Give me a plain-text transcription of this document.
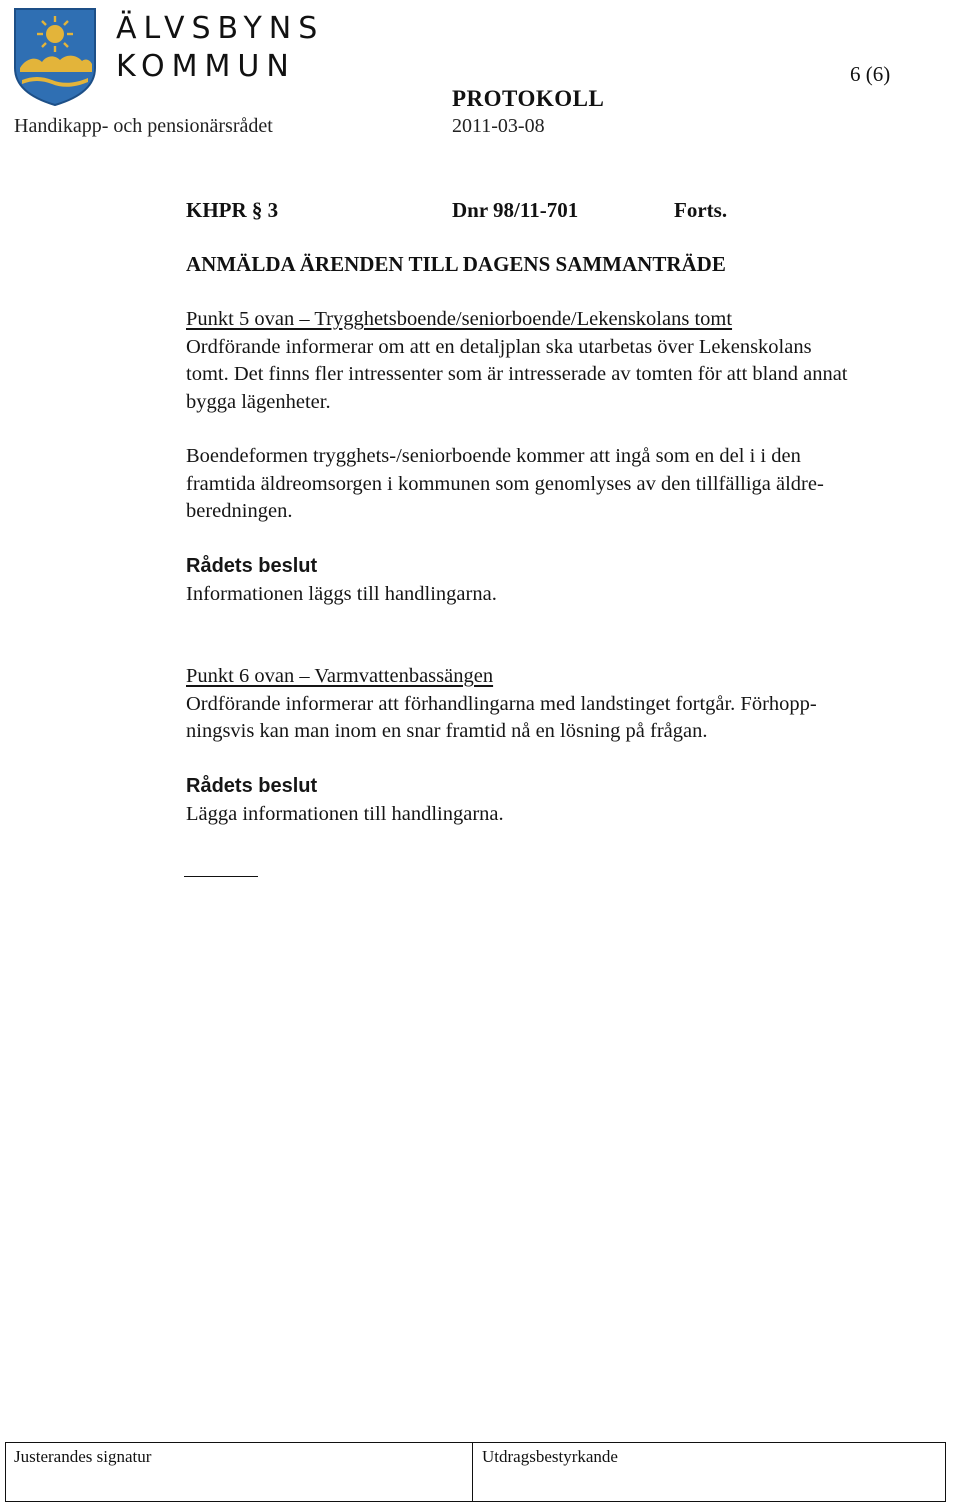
ÄLVSBYNS
KOMMUN	6 (6)
PROTOKOLL
Handikapp- och pensionärsrådet	2011-03-08
KHPR § 3	Dnr 98/11-701	Forts.
ANMÄLDA ÄRENDEN TILL DAGENS SAMMANTRÄDE
Punkt 5 ovan – Trygghetsboende/seniorboende/Lekenskolans tomt
Ordförande informerar om att en detaljplan ska utarbetas över Lekenskolans
tomt. Det finns fler intressenter som är intresserade av tomten för att bland annat
bygga lägenheter.
Boendeformen trygghets-/seniorboende kommer att ingå som en del i i den
framtida äldreomsorgen i kommunen som genomlyses av den tillfälliga äldre-
beredningen.
Rådets beslut
Informationen läggs till handlingarna.
Punkt 6 ovan – Varmvattenbassängen
Ordförande informerar att förhandlingarna med landstinget fortgår. Förhopp-
ningsvis kan man inom en snar framtid nå en lösning på frågan.
Rådets beslut
Lägga informationen till handlingarna.
Justerandes signatur	Utdragsbestyrkande
